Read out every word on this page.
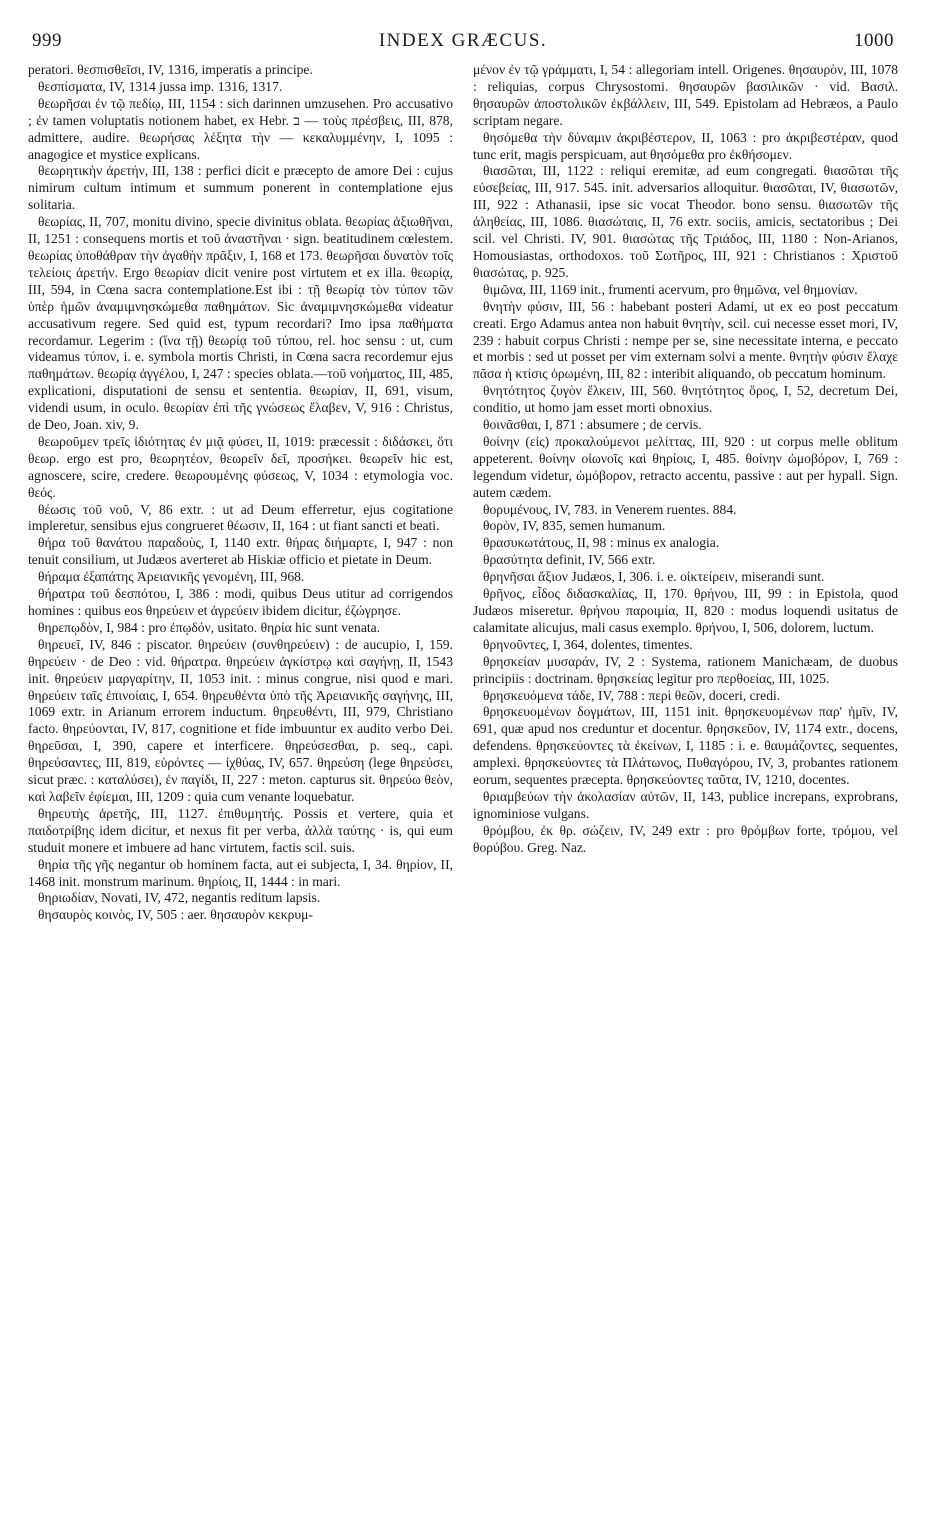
999	INDEX GRÆCUS.	1000

peratori. θεσπισθεῖσι, IV, 1316, imperatis a principe.

θεσπίσματα, IV, 1314 jussa imp. 1316, 1317.

θεωρῆσαι ἐν τῷ πεδίῳ, III, 1154 : sich darinnen umzusehen. Pro accusativo ; ἐν tamen voluptatis notionem habet, ex Hebr. ב — τοὺς πρέσβεις, III, 878, admittere, audire. θεωρήσας λέξητα τὴν — κεκαλυμμένην, I, 1095 : anagogice et mystice explicans.

θεωρητικὴν ἀρετήν, III, 138 : perfici dicit e præcepto de amore Dei : cujus nimirum cultum intimum et summum ponerent in contemplatione ejus solitaria.

θεωρίας, II, 707, monitu divino, specie divinitus oblata. θεωρίας ἀξιωθῆναι, II, 1251 : consequens mortis et τοῦ ἀναστῆναι · sign. beatitudinem cœlestem. θεωρίας ὑποθάθραν τὴν ἀγαθὴν πρᾶξιν, I, 168 et 173. θεωρῆσαι δυνατὸν τοῖς τελείοις ἀρετήν. Ergo θεωρίαν dicit venire post virtutem et ex illa. θεωρίᾳ, III, 594, in Cœna sacra contemplatione.Est ibi : τῇ θεωρίᾳ τὸν τύπον τῶν ὑπὲρ ἡμῶν ἀναμιμνησκώμεθα παθημάτων. Sic ἀναμιμνησκώμεθα videatur accusativum regere. Sed quid est, typum recordari? Imo ipsa παθήματα recordamur. Legerim : (ἵνα τῇ) θεωρίᾳ τοῦ τύπου, rel. hoc sensu : ut, cum videamus τύπον, i. e. symbola mortis Christi, in Cœna sacra recordemur ejus παθημάτων. θεωρίᾳ ἀγγέλου, I, 247 : species oblata.—τοῦ νοήματος, III, 485, explicationi, disputationi de sensu et sententia. θεωρίαν, II, 691, visum, videndi usum, in oculo. θεωρίαν ἐπὶ τῆς γνώσεως ἔλαβεν, V, 916 : Christus, de Deo, Joan. xiv, 9.

θεωροῦμεν τρεῖς ἰδιότητας ἐν μιᾷ φύσει, II, 1019: præcessit : διδάσκει, ὅτι θεωρ. ergo est pro, θεωρητέον, θεωρεῖν δεῖ, προσήκει. θεωρεῖν hic est, agnoscere, scire, credere. θεωρουμένης φύσεως, V, 1034 : etymologia voc. θεός.

θέωσις τοῦ νοῦ, V, 86 extr. : ut ad Deum efferretur, ejus cogitatione impleretur, sensibus ejus congrueret θέωσιν, II, 164 : ut fiant sancti et beati.

θήρα τοῦ θανάτου παραδοὺς, I, 1140 extr. θήρας διήμαρτε, I, 947 : non tenuit consilium, ut Judæos averteret ab Hiskiæ officio et pietate in Deum.

θήραμα ἐξαπάτης Ἀρειανικῆς γενομένη, III, 968.

θήρατρα τοῦ δεσπότου, I, 386 : modi, quibus Deus utitur ad corrigendos homines : quibus eos θηρεύειν et ἀγρεύειν ibidem dicitur, ἐζώγρησε.

θηρεπῳδὸν, I, 984 : pro ἐπῳδόν, usitato. θηρία hic sunt venata.

θηρευεῖ, IV, 846 : piscator. θηρεύειν (συνθηρεύειν) : de aucupio, I, 159. θηρεύειν · de Deo : vid. θήρατρα. θηρεύειν ἀγκίστρῳ καὶ σαγήνῃ, II, 1543 init. θηρεύειν μαργαρίτην, II, 1053 init. : minus congrue, nisi quod e mari. θηρεύειν ταῖς ἐπινοίαις, I, 654. θηρευθέντα ὑπὸ τῆς Ἀρειανικῆς σαγήνης, III, 1069 extr. in Arianum errorem inductum. θηρευθέντι, III, 979, Christiano facto. θηρεύονται, IV, 817, cognitione et fide imbuuntur ex audito verbo Dei. θηρεῦσαι, I, 390, capere et interficere. θηρεύσεσθαι, p. seq., capi. θηρεύσαντες, III, 819, εὑρόντες — ἰχθύας, IV, 657. θηρεύση (lege θηρεύσει, sicut præc. : καταλύσει), ἐν παγίδι, II, 227 : meton. capturus sit. θηρεύω θεὸν, καὶ λαβεῖν ἐφίεμαι, III, 1209 : quia cum venante loquebatur.

θηρευτὴς ἀρετῆς, III, 1127. ἐπιθυμητής. Possis et vertere, quia et παιδοτρίβης idem dicitur, et nexus fit per verba, ἀλλὰ ταύτης · is, qui eum studuit monere et imbuere ad hanc virtutem, factis scil. suis.

θηρία τῆς γῆς negantur ob hominem facta, aut ei subjecta, I, 34. θηρίον, II, 1468 init. monstrum marinum. θηρίοις, II, 1444 : in mari.

θηριωδίαν, Novati, IV, 472, negantis reditum lapsis.

θησαυρὸς κοινὸς, IV, 505 : aer. θησαυρὸν κεκρυμ-

μένον ἐν τῷ γράμματι, I, 54 : allegoriam intell. Origenes. θησαυρὸν, III, 1078 : reliquias, corpus Chrysostomi. θησαυρῶν βασιλικῶν · vid. Βασιλ. θησαυρῶν ἀποστολικῶν ἐκβάλλειν, III, 549. Epistolam ad Hebræos, a Paulo scriptam negare.

θησόμεθα τὴν δύναμιν ἀκριβέστερον, II, 1063 : pro ἀκριβεστέραν, quod tunc erit, magis perspicuam, aut θησόμεθα pro ἐκθήσομεν.

θιασῶται, III, 1122 : reliqui eremitæ, ad eum congregati. θιασῶται τῆς εὐσεβείας, III, 917. 545. init. adversarios alloquitur. θιασῶται, IV, θιασωτῶν, III, 922 : Athanasii, ipse sic vocat Theodor. bono sensu. θιασωτῶν τῆς ἀληθείας, III, 1086. θιασώταις, II, 76 extr. sociis, amicis, sectatoribus ; Dei scil. vel Christi. IV, 901. θιασώτας τῆς Τριάδος, III, 1180 : Non-Arianos, Homousiastas, orthodoxos. τοῦ Σωτῆρος, III, 921 : Christianos : Χριστοῦ θιασώτας, p. 925.

θιμῶνα, III, 1169 init., frumenti acervum, pro θημῶνα, vel θημονίαν.

θνητὴν φύσιν, III, 56 : habebant posteri Adami, ut ex eo post peccatum creati. Ergo Adamus antea non habuit θνητὴν, scil. cui necesse esset mori, IV, 239 : habuit corpus Christi : nempe per se, sine necessitate interna, e peccato et morbis : sed ut posset per vim externam solvi a mente. θνητὴν φύσιν ἔλαχε πᾶσα ἡ κτίσις ὁρωμένη, III, 82 : interibit aliquando, ob peccatum hominum.

θνητότητος ζυγὸν ἕλκειν, III, 560. θνητότητος ὅρος, I, 52, decretum Dei, conditio, ut homo jam esset morti obnoxius.

θοινᾶσθαι, I, 871 : absumere ; de cervis.

θοίνην (εἰς) προκαλούμενοι μελίττας, III, 920 : ut corpus melle oblitum appeterent. θοίνην οἰωνοῖς καὶ θηρίοις, I, 485. θοίνην ὠμοβόρον, I, 769 : legendum videtur, ὠμόβορον, retracto accentu, passive : aut per hypall. Sign. autem cædem.

θορυμένους, IV, 783. in Venerem ruentes. 884.

θορὸν, IV, 835, semen humanum.

θρασυκωτάτους, II, 98 : minus ex analogia.

θρασύτητα definit, IV, 566 extr.

θρηνῆσαι ἄξιον Judæos, I, 306. i. e. οἰκτείρειν, miserandi sunt.

θρῆνος, εἶδος διδασκαλίας, II, 170. θρήνου, III, 99 : in Epistola, quod Judæos miseretur. θρήνου παροιμία, II, 820 : modus loquendi usitatus de calamitate alicujus, mali casus exemplo. θρήνου, I, 506, dolorem, luctum.

θρηνοῦντες, I, 364, dolentes, timentes.

θρησκείαν μυσαράν, IV, 2 : Systema, rationem Manichæam, de duobus principiis : doctrinam. θρησκείας legitur pro περθοείας, III, 1025.

θρησκευόμενα τάδε, IV, 788 : περὶ θεῶν, doceri, credi.

θρησκευομένων δογμάτων, III, 1151 init. θρησκευομένων παρ' ἡμῖν, IV, 691, quæ apud nos creduntur et docentur. θρησκεῦον, IV, 1174 extr., docens, defendens. θρησκεύοντες τὰ ἐκείνων, I, 1185 : i. e. θαυμάζοντες, sequentes, amplexi. θρησκεύοντες τὰ Πλάτωνος, Πυθαγόρου, IV, 3, probantes rationem eorum, sequentes præcepta. θρησκεύοντες ταῦτα, IV, 1210, docentes.

θριαμβεύων τὴν ἀκολασίαν αὐτῶν, II, 143, publice increpans, exprobrans, ignominiose vulgans.

θρόμβου, ἐκ θρ. σώζειν, IV, 249 extr : pro θρόμβων forte, τρόμου, vel θορύβου. Greg. Naz.
